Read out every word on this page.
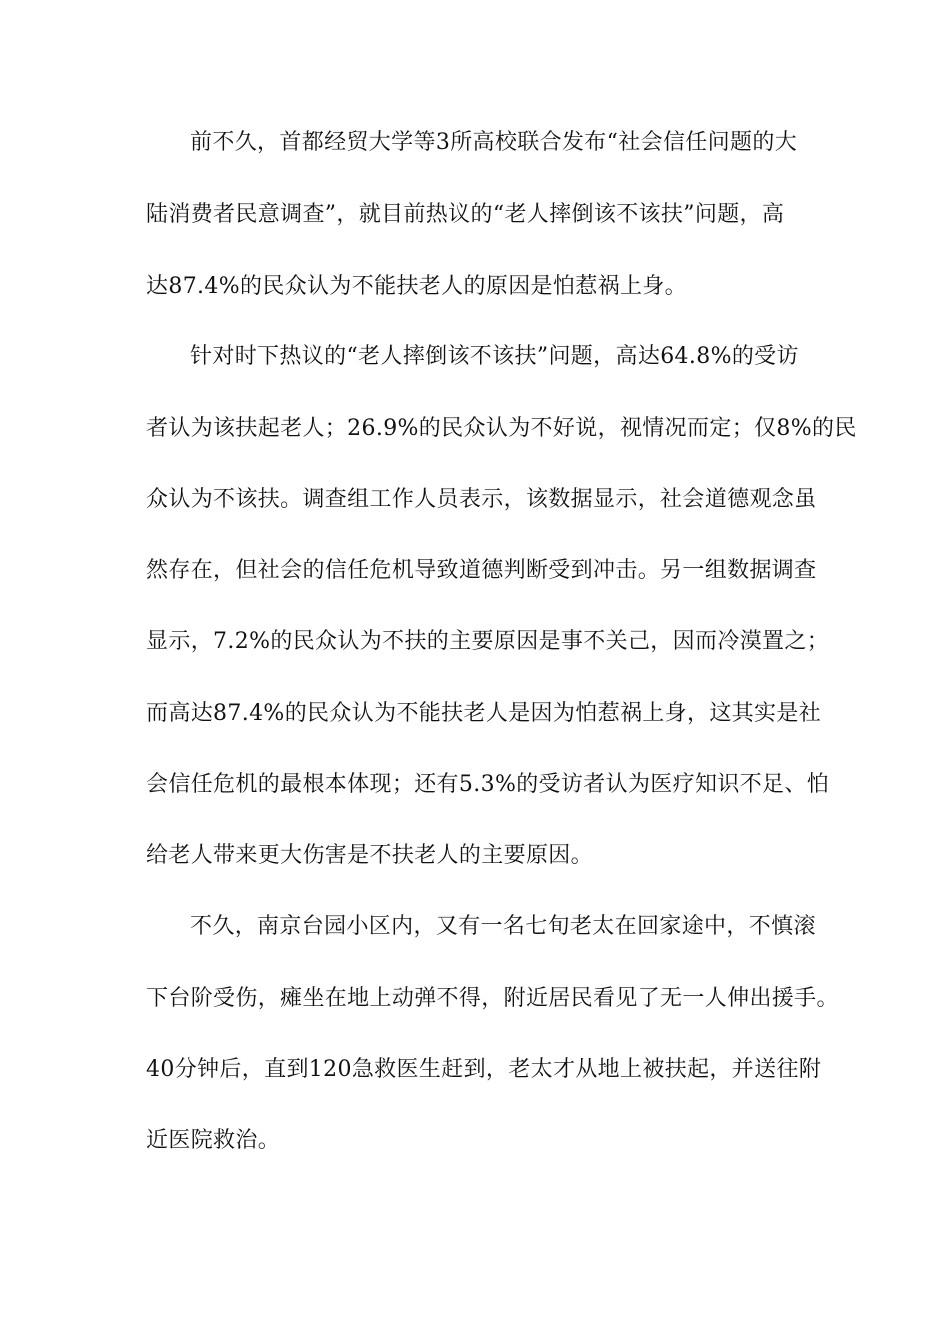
前不久，首都经贸大学等3所高校联合发布“社会信任问题的大
陆消费者民意调查”，就目前热议的“老人摔倒该不该扶”问题，高
达87.4%的民众认为不能扶老人的原因是怕惹祸上身。
针对时下热议的“老人摔倒该不该扶”问题，高达64.8%的受访
者认为该扶起老人；26.9%的民众认为不好说，视情况而定；仅8%的民
众认为不该扶。调查组工作人员表示，该数据显示，社会道德观念虽
然存在，但社会的信任危机导致道德判断受到冲击。另一组数据调查
显示，7.2%的民众认为不扶的主要原因是事不关己，因而冷漠置之；
而高达87.4%的民众认为不能扶老人是因为怕惹祸上身，这其实是社
会信任危机的最根本体现；还有5.3%的受访者认为医疗知识不足、怕
给老人带来更大伤害是不扶老人的主要原因。
不久，南京台园小区内，又有一名七旬老太在回家途中，不慎滚
下台阶受伤，瘫坐在地上动弹不得，附近居民看见了无一人伸出援手。
40分钟后，直到120急救医生赶到，老太才从地上被扶起，并送往附
近医院救治。
